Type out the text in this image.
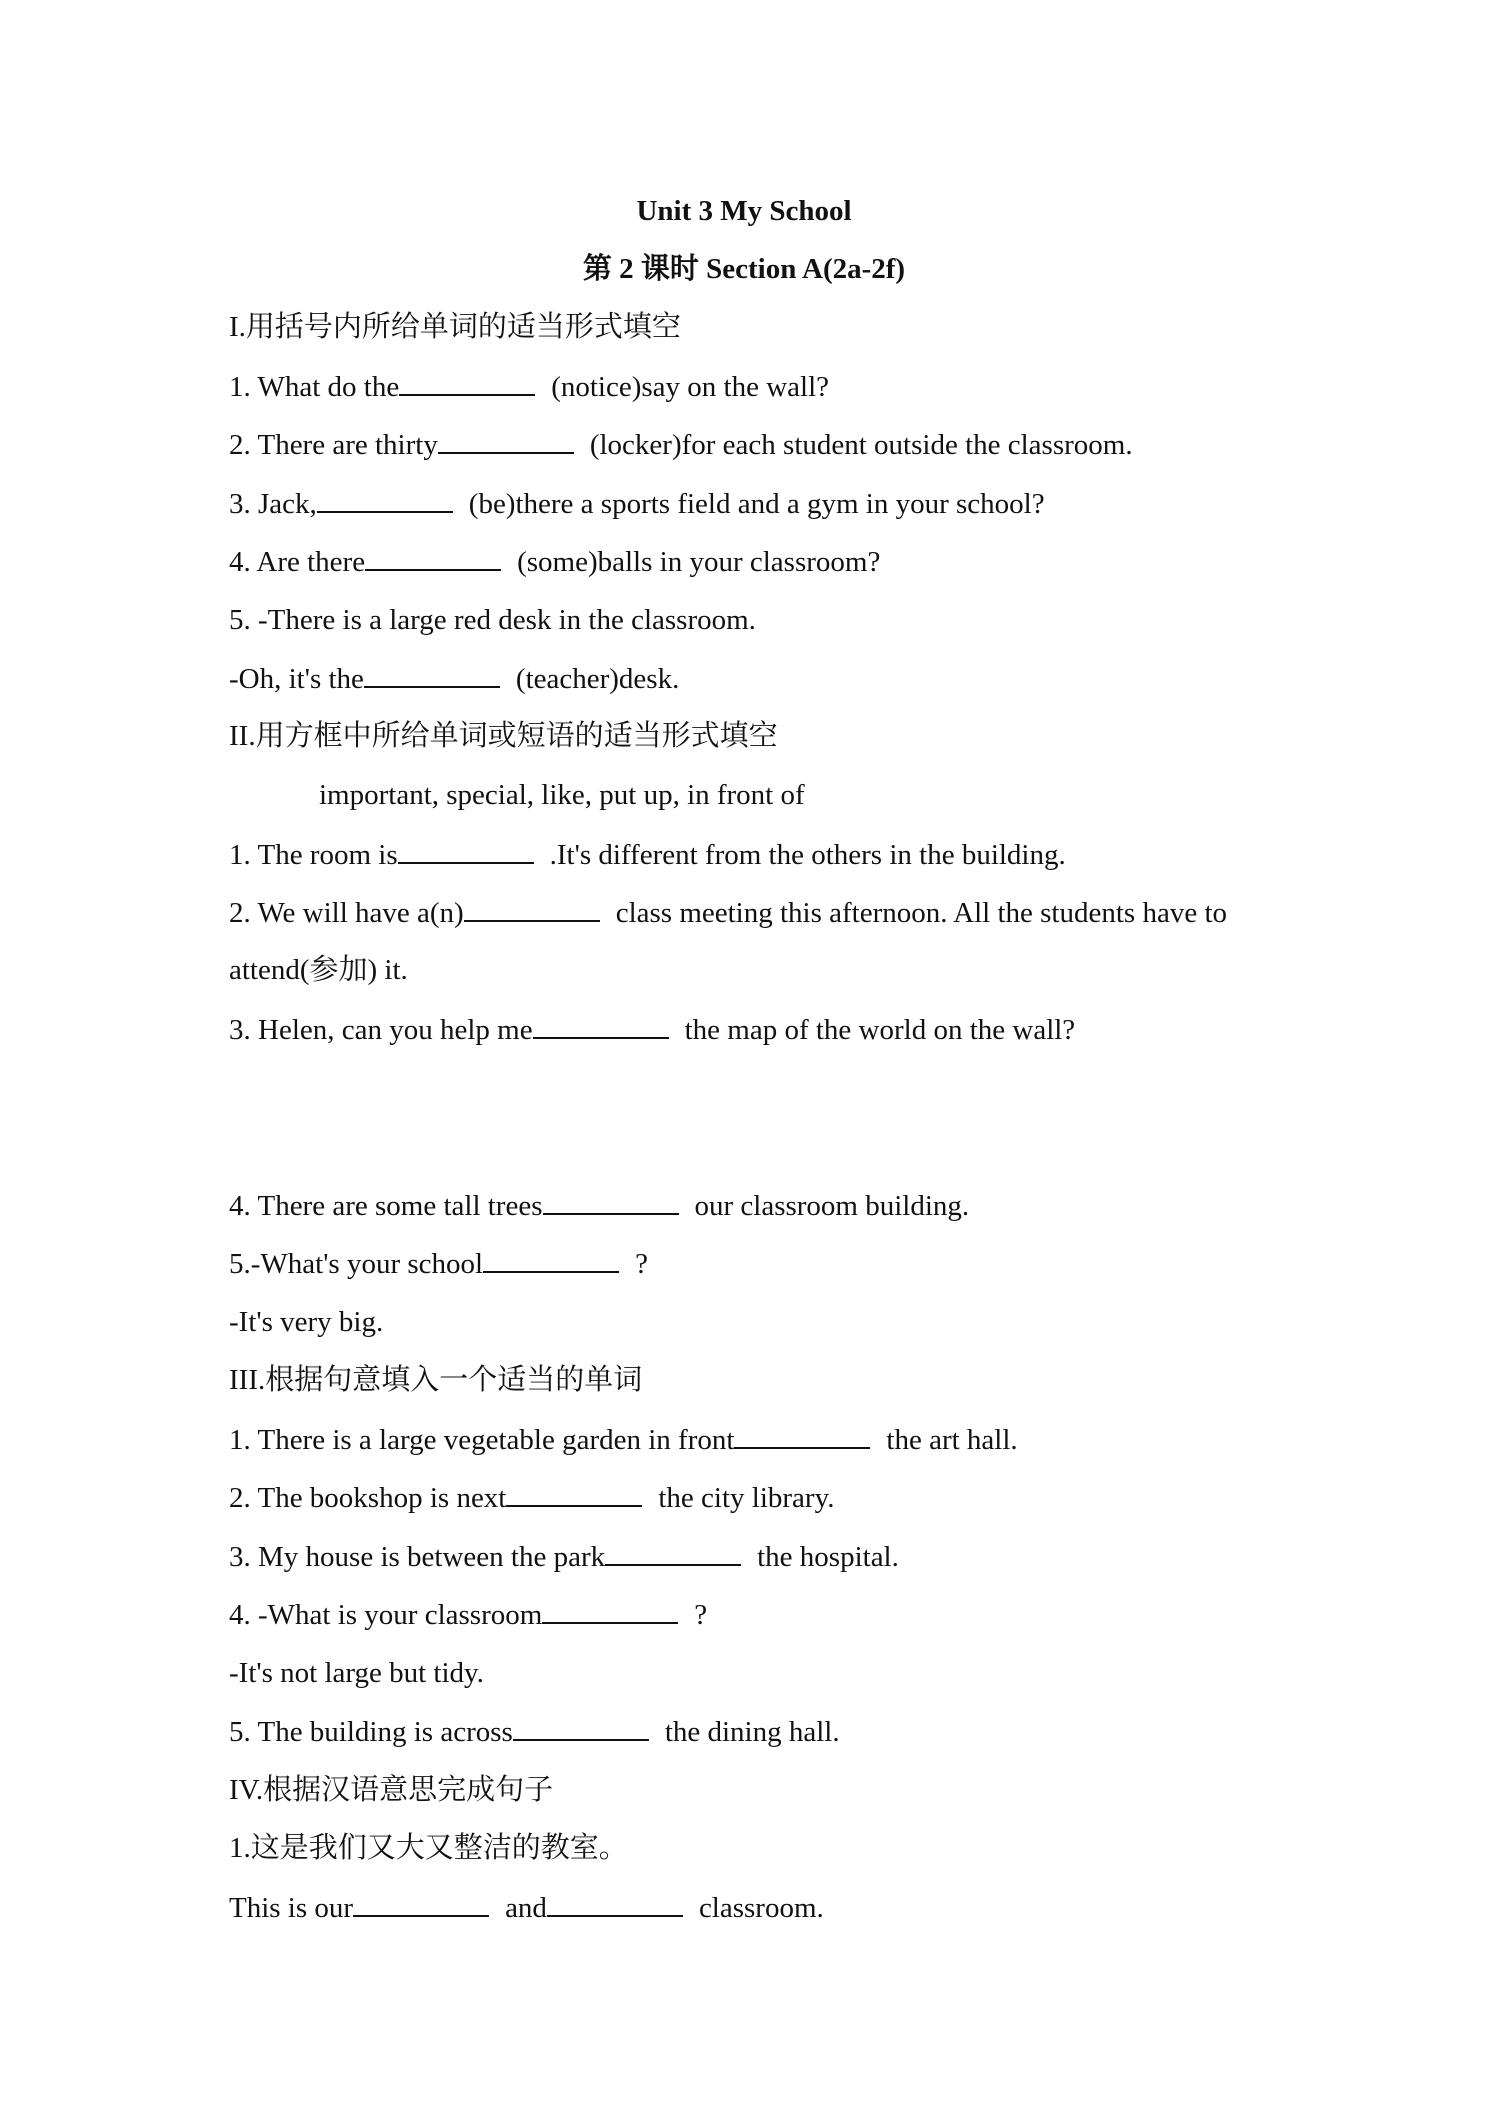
Unit 3 My School
第 2 课时 Section A(2a-2f)
I.用括号内所给单词的适当形式填空
1. What do the	(notice)say on the wall?
2. There are thirty	(locker)for each student outside the classroom.
3. Jack,	(be)there a sports field and a gym in your school?
4. Are there	(some)balls in your classroom?
5. -There is a large red desk in the classroom.
-Oh, it's the	(teacher)desk.
II.用方框中所给单词或短语的适当形式填空
important, special, like, put up, in front of
1. The room is	.It's different from the others in the building.
2. We will have a(n)	class meeting this afternoon. All the students have to
attend(参加) it.
3. Helen, can you help me	the map of the world on the wall?
4. There are some tall trees	our classroom building.
5.-What's your school	?
-It's very big.
III.根据句意填入一个适当的单词
1. There is a large vegetable garden in front	the art hall.
2. The bookshop is next	the city library.
3. My house is between the park	the hospital.
4. -What is your classroom	?
-It's not large but tidy.
5. The building is across	the dining hall.
IV.根据汉语意思完成句子
1.这是我们又大又整洁的教室。
This is our	and	classroom.
